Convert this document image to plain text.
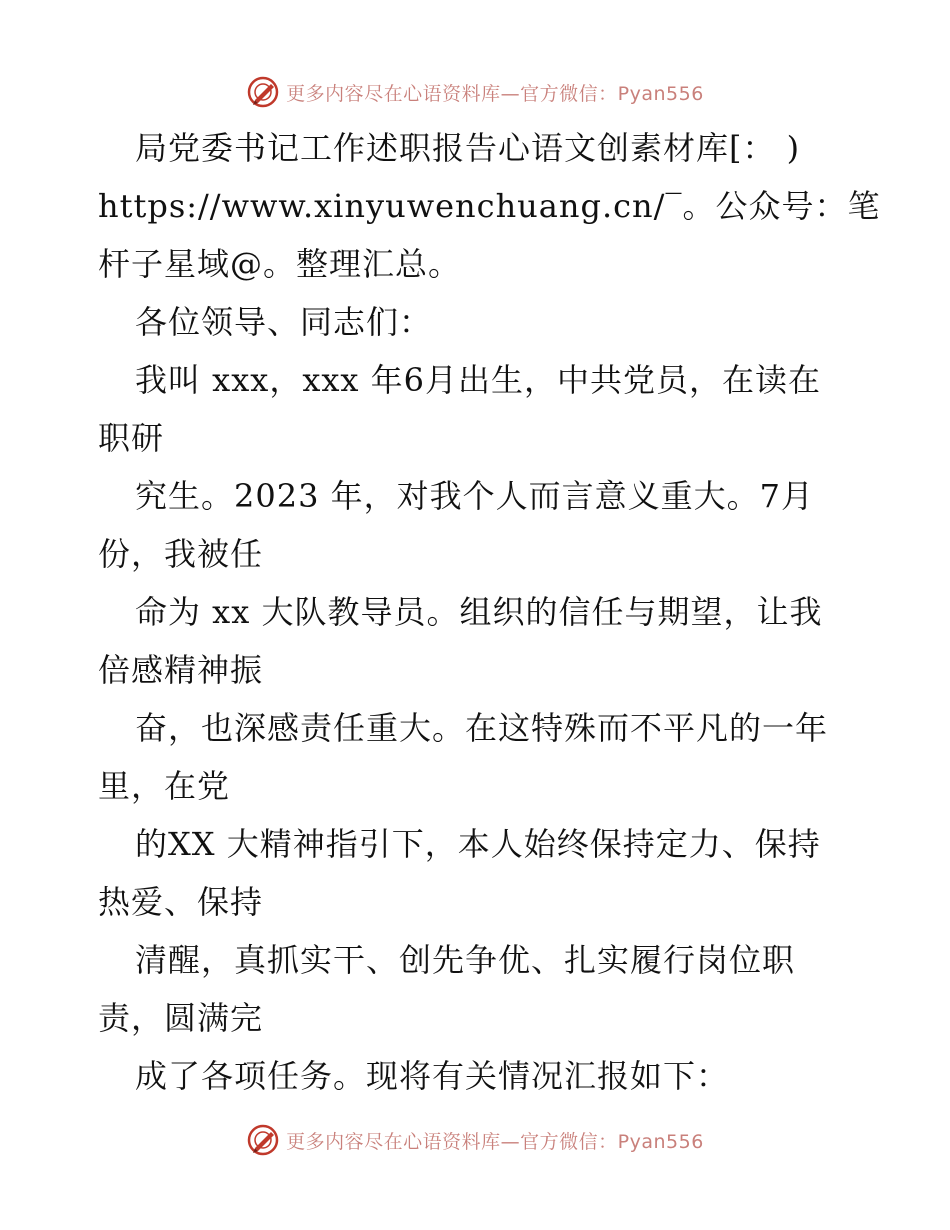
更多内容尽在心语资料库—官方微信：Pyan556
局党委书记工作述职报告心语文创素材库[： )
https://www.xinyuwenchuang.cn/‾。公众号：笔
杆子星域@。整理汇总。
各位领导、同志们：
我叫 xxx，xxx 年6月出生，中共党员，在读在
职研
究生。2023 年，对我个人而言意义重大。7月
份，我被任
命为 xx 大队教导员。组织的信任与期望，让我
倍感精神振
奋，也深感责任重大。在这特殊而不平凡的一年
里，在党
的XX 大精神指引下，本人始终保持定力、保持
热爱、保持
清醒，真抓实干、创先争优、扎实履行岗位职
责，圆满完
成了各项任务。现将有关情况汇报如下：
更多内容尽在心语资料库—官方微信：Pyan556
